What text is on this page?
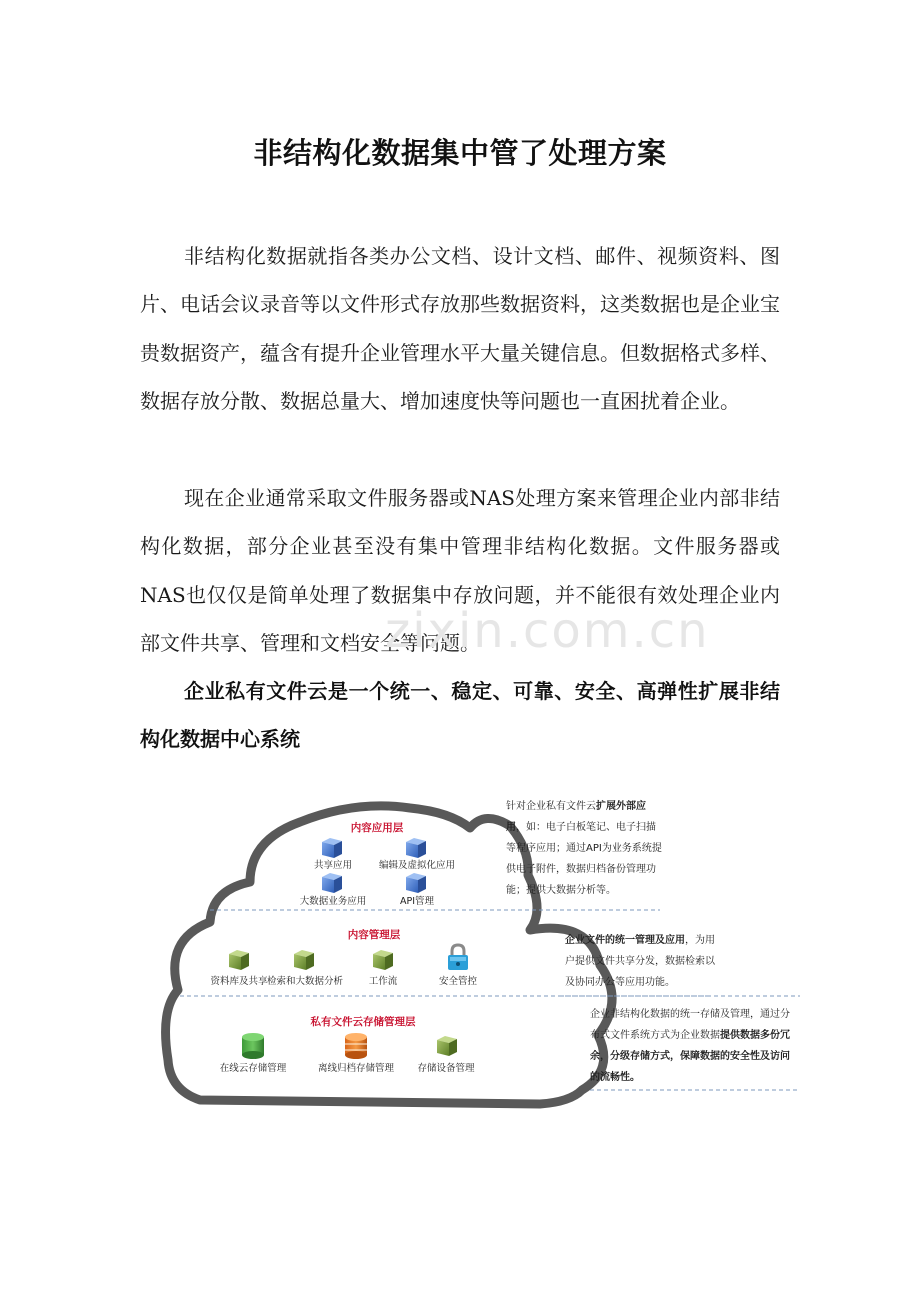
非结构化数据集中管了处理方案

非结构化数据就指各类办公文档、设计文档、邮件、视频资料、图片、电话会议录音等以文件形式存放那些数据资料，这类数据也是企业宝贵数据资产，蕴含有提升企业管理水平大量关键信息。但数据格式多样、数据存放分散、数据总量大、增加速度快等问题也一直困扰着企业。

现在企业通常采取文件服务器或NAS处理方案来管理企业内部非结构化数据，部分企业甚至没有集中管理非结构化数据。文件服务器或NAS也仅仅是简单处理了数据集中存放问题，并不能很有效处理企业内部文件共享、管理和文档安全等问题。

企业私有文件云是一个统一、稳定、可靠、安全、高弹性扩展非结构化数据中心系统

zixin.com.cn
内容应用层
内容管理层
私有文件云存储管理层
共享应用	编辑及虚拟化应用
大数据业务应用	API管理
资料库及共享 检索和大数据分析	工作流	安全管控
在线云存储管理	离线归档存储管理 存储设备管理

针对企业私有文件云扩展外部应用，如：电子白板笔记、电子扫描等程序应用；通过API为业务系统提供电子附件，数据归档备份管理功能；提供大数据分析等。

企业文件的统一管理及应用，为用户提供文件共享分发，数据检索以及协同办公等应用功能。

企业非结构化数据的统一存储及管理，通过分布式文件系统方式为企业数据提供数据多份冗余，分级存储方式，保障数据的安全性及访问的流畅性。
